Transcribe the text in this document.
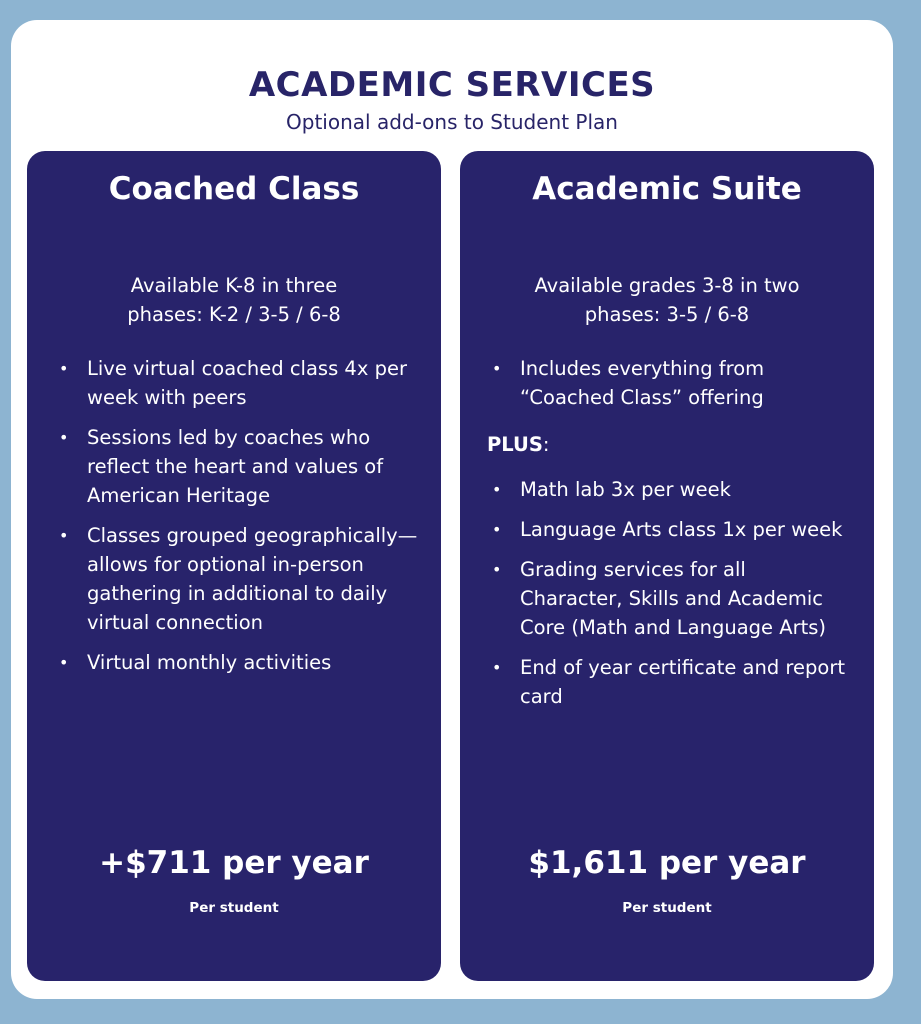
ACADEMIC SERVICES

Optional add-ons to Student Plan

Coached Class

Available K-8 in three
phases: K-2 / 3-5 / 6-8

• Live virtual coached class 4x per week with peers
• Sessions led by coaches who reflect the heart and values of American Heritage
• Classes grouped geographically—allows for optional in-person gathering in additional to daily virtual connection
• Virtual monthly activities

+$711 per year

Per student

Academic Suite

Available grades 3-8 in two
phases: 3-5 / 6-8

• Includes everything from “Coached Class” offering

PLUS:

• Math lab 3x per week
• Language Arts class 1x per week
• Grading services for all Character, Skills and Academic Core (Math and Language Arts)
• End of year certificate and report card

$1,611 per year

Per student
